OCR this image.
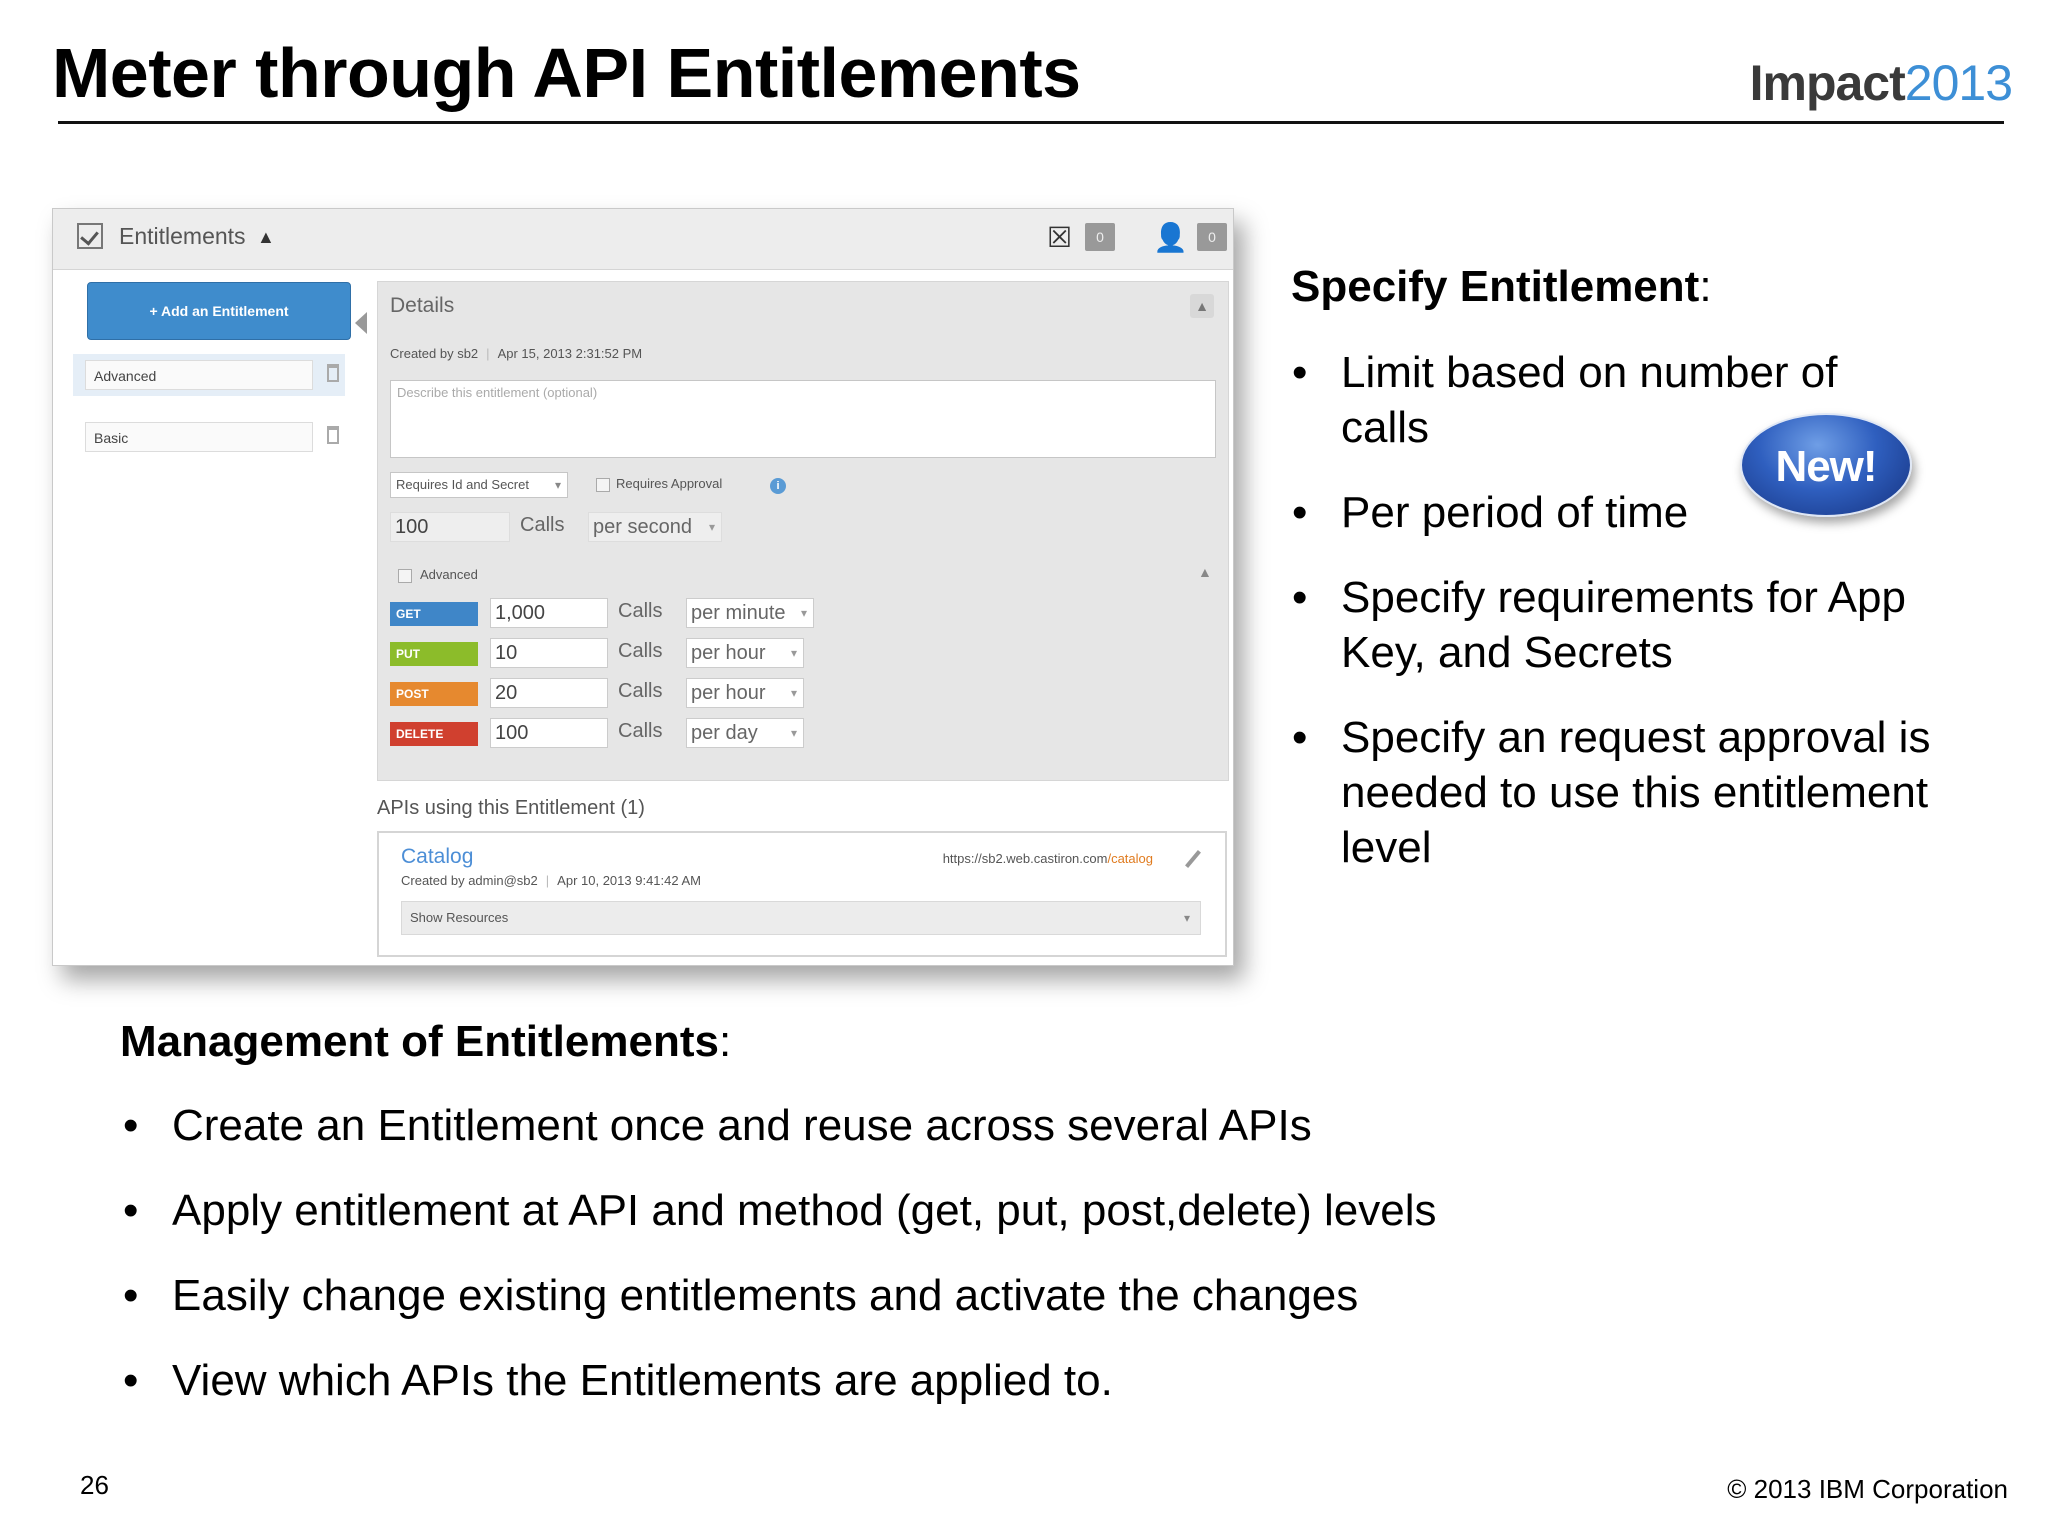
Meter through API Entitlements	Impact2013
Entitlements ▲	☒	0	👤	0
+ Add an Entitlement
Advanced
Basic
Details	▲
Created by sb2 | Apr 15, 2013 2:31:52 PM
Describe this entitlement (optional)
Requires Id and Secret ▾	Requires Approval	i
100	Calls per second ▾
Advanced	▲
GET	1,000	Calls per minute ▾
PUT	10	Calls per hour ▾
POST	20	Calls per hour ▾
DELETE	100	Calls per day	▾
APIs using this Entitlement (1)
Catalog
Created by admin@sb2 | Apr 10, 2013 9:41:42 AM
https://sb2.web.castiron.com/catalog
Show Resources	▾
Specify Entitlement:
• Limit based on number of calls
• Per period of time
• Specify requirements for App Key, and Secrets
• Specify an request approval is needed to use this entitlement level
New!
Management of Entitlements:
• Create an Entitlement once and reuse across several APIs
• Apply entitlement at API and method (get, put, post,delete) levels
• Easily change existing entitlements and activate the changes
• View which APIs the Entitlements are applied to.
26	© 2013 IBM Corporation
